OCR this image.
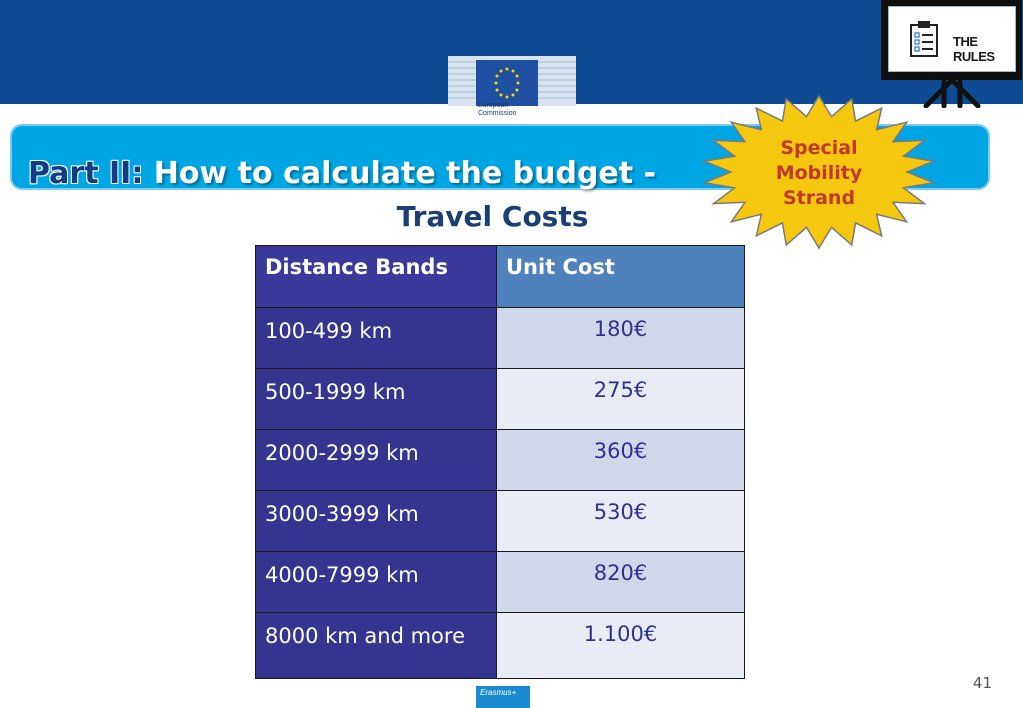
European
Commission
THE RULES
Part II: How to calculate the budget -
Travel Costs
Special
Mobility
Strand
Distance Bands	Unit Cost
100-499 km	180€
500-1999 km	275€
2000-2999 km	360€
3000-3999 km	530€
4000-7999 km	820€
8000 km and more	1.100€
41
Erasmus+
